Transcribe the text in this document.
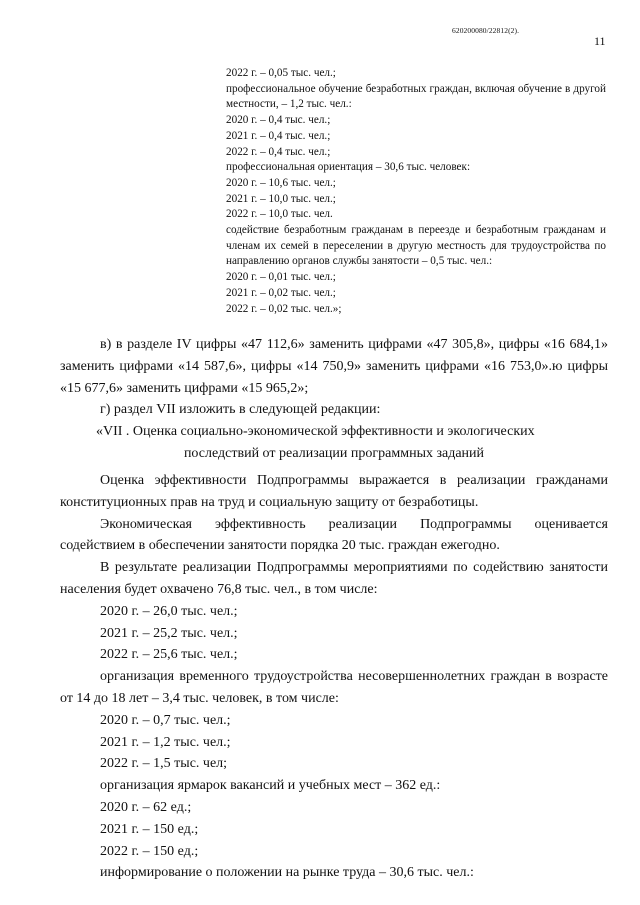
620200080/22812(2).
11

2022 г. – 0,05 тыс. чел.;

профессиональное обучение безработных граждан, включая обучение в другой местности, – 1,2 тыс. чел.:

2020 г. – 0,4 тыс. чел.;

2021 г. – 0,4 тыс. чел.;

2022 г. – 0,4 тыс. чел.;

профессиональная ориентация – 30,6 тыс. человек:

2020 г. – 10,6 тыс. чел.;

2021 г. – 10,0 тыс. чел.;

2022 г. – 10,0 тыс. чел.

содействие безработным гражданам в переезде и безработным гражданам и членам их семей в переселении в другую местность для трудоустройства по направлению органов службы занятости – 0,5 тыс. чел.:

2020 г. – 0,01 тыс. чел.;

2021 г. – 0,02 тыс. чел.;

2022 г. – 0,02 тыс. чел.»;

в) в разделе IV цифры «47 112,6» заменить цифрами «47 305,8», цифры «16 684,1» заменить цифрами «14 587,6», цифры «14 750,9» заменить цифрами «16 753,0».ю цифры «15 677,6» заменить цифрами «15 965,2»;

г) раздел VII изложить в следующей редакции:

«VII . Оценка социально-экономической эффективности и экологических
последствий от реализации программных заданий

Оценка эффективности Подпрограммы выражается в реализации гражданами конституционных прав на труд и социальную защиту от безработицы.

Экономическая эффективность реализации Подпрограммы оценивается содействием в обеспечении занятости порядка 20 тыс. граждан ежегодно.

В результате реализации Подпрограммы мероприятиями по содействию занятости населения будет охвачено 76,8 тыс. чел., в том числе:

2020 г. – 26,0 тыс. чел.;

2021 г. – 25,2 тыс. чел.;

2022 г. – 25,6 тыс. чел.;

организация временного трудоустройства несовершеннолетних граждан в возрасте от 14 до 18 лет – 3,4 тыс. человек, в том числе:

2020 г. – 0,7 тыс. чел.;

2021 г. – 1,2 тыс. чел.;

2022 г. – 1,5 тыс. чел;

организация ярмарок вакансий и учебных мест – 362 ед.:

2020 г. – 62 ед.;

2021 г. – 150 ед.;

2022 г. – 150 ед.;

информирование о положении на рынке труда – 30,6 тыс. чел.:
